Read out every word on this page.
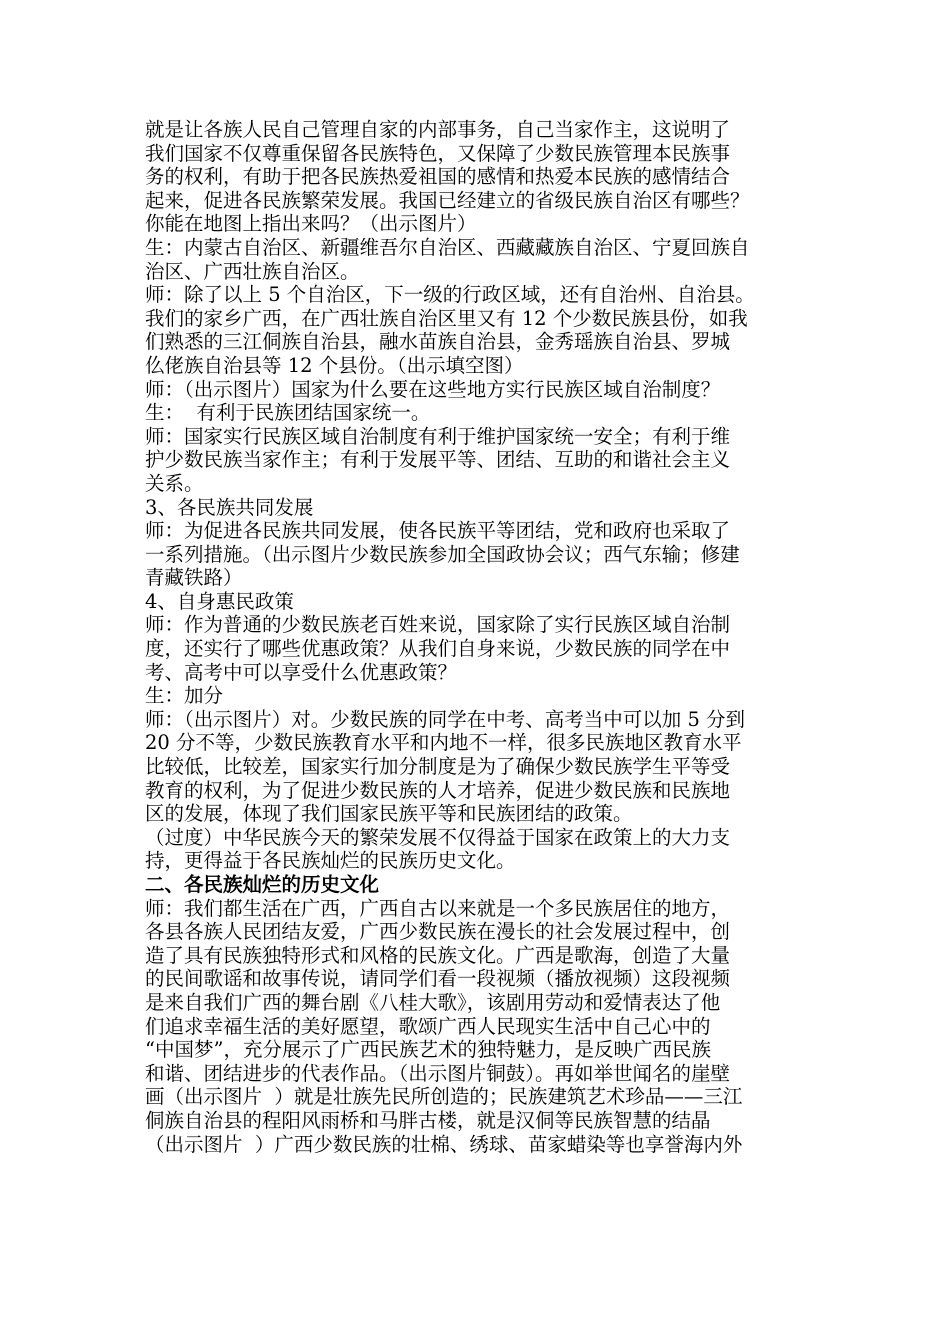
就是让各族人民自己管理自家的内部事务，自己当家作主，这说明了
我们国家不仅尊重保留各民族特色，又保障了少数民族管理本民族事
务的权利，有助于把各民族热爱祖国的感情和热爱本民族的感情结合
起来，促进各民族繁荣发展。我国已经建立的省级民族自治区有哪些？
你能在地图上指出来吗？（出示图片）
生：内蒙古自治区、新疆维吾尔自治区、西藏藏族自治区、宁夏回族自
治区、广西壮族自治区。
师：除了以上 5 个自治区，下一级的行政区域，还有自治州、自治县。
我们的家乡广西，在广西壮族自治区里又有 12 个少数民族县份，如我
们熟悉的三江侗族自治县，融水苗族自治县，金秀瑶族自治县、罗城
仫佬族自治县等 12 个县份。（出示填空图）
师：（出示图片）国家为什么要在这些地方实行民族区域自治制度？
生：  有利于民族团结国家统一。
师：国家实行民族区域自治制度有利于维护国家统一安全；有利于维
护少数民族当家作主；有利于发展平等、团结、互助的和谐社会主义
关系。
3、各民族共同发展
师：为促进各民族共同发展，使各民族平等团结，党和政府也采取了
一系列措施。（出示图片少数民族参加全国政协会议；西气东输；修建
青藏铁路）
4、自身惠民政策
师：作为普通的少数民族老百姓来说，国家除了实行民族区域自治制
度，还实行了哪些优惠政策？从我们自身来说，少数民族的同学在中
考、高考中可以享受什么优惠政策？
生：加分
师：（出示图片）对。少数民族的同学在中考、高考当中可以加 5 分到
20 分不等，少数民族教育水平和内地不一样，很多民族地区教育水平
比较低，比较差，国家实行加分制度是为了确保少数民族学生平等受
教育的权利，为了促进少数民族的人才培养，促进少数民族和民族地
区的发展，体现了我们国家民族平等和民族团结的政策。
（过度）中华民族今天的繁荣发展不仅得益于国家在政策上的大力支
持，更得益于各民族灿烂的民族历史文化。
二、各民族灿烂的历史文化
师：我们都生活在广西，广西自古以来就是一个多民族居住的地方，
各县各族人民团结友爱，广西少数民族在漫长的社会发展过程中，创
造了具有民族独特形式和风格的民族文化。广西是歌海，创造了大量
的民间歌谣和故事传说，请同学们看一段视频（播放视频）这段视频
是来自我们广西的舞台剧《八桂大歌》，该剧用劳动和爱情表达了他
们追求幸福生活的美好愿望，歌颂广西人民现实生活中自己心中的
“中国梦”，充分展示了广西民族艺术的独特魅力，是反映广西民族
和谐、团结进步的代表作品。（出示图片铜鼓）。再如举世闻名的崖壁
画（出示图片  ）就是壮族先民所创造的；民族建筑艺术珍品——三江
侗族自治县的程阳风雨桥和马胖古楼，就是汉侗等民族智慧的结晶
（出示图片  ）广西少数民族的壮棉、绣球、苗家蜡染等也享誉海内外
